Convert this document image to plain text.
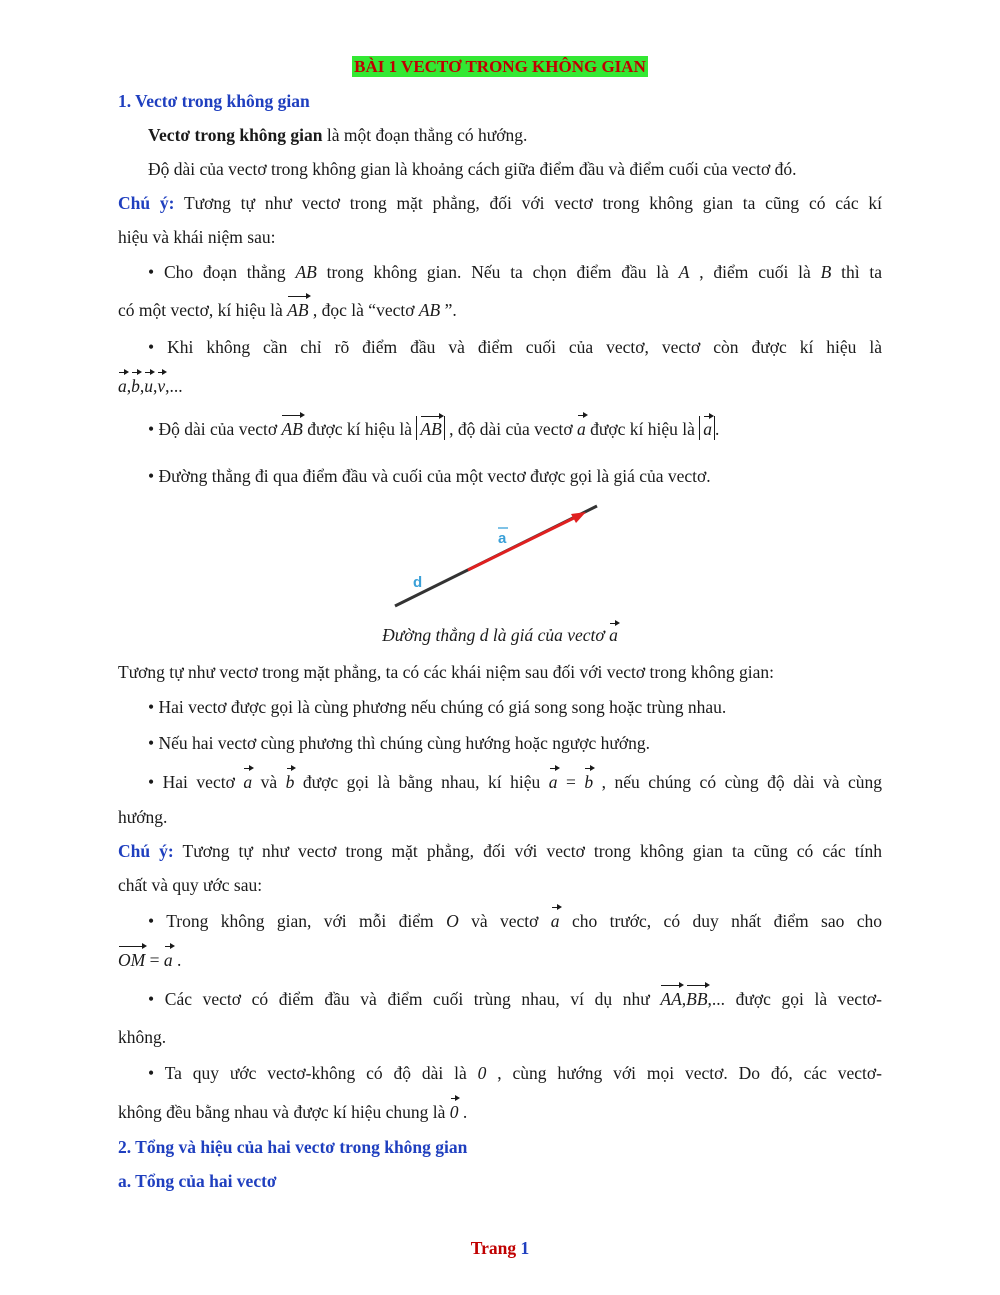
BÀI 1 VECTƠ TRONG KHÔNG GIAN
1. Vectơ trong không gian
Vectơ trong không gian là một đoạn thẳng có hướng.
Độ dài của vectơ trong không gian là khoảng cách giữa điểm đầu và điểm cuối của vectơ đó.
Chú ý: Tương tự như vectơ trong mặt phẳng, đối với vectơ trong không gian ta cũng có các kí
hiệu và khái niệm sau:
• Cho đoạn thẳng AB trong không gian. Nếu ta chọn điểm đầu là A , điểm cuối là B thì ta
có một vectơ, kí hiệu là AB , đọc là “vectơ AB ”.
• Khi không cần chỉ rõ điểm đầu và điểm cuối của vectơ, vectơ còn được kí hiệu là
a,b,u,v,...
• Độ dài của vectơ AB được kí hiệu là AB , độ dài của vectơ a được kí hiệu là a .
• Đường thẳng đi qua điểm đầu và cuối của một vectơ được gọi là giá của vectơ.
d
a
Đường thẳng d là giá của vectơ a
Tương tự như vectơ trong mặt phẳng, ta có các khái niệm sau đối với vectơ trong không gian:
• Hai vectơ được gọi là cùng phương nếu chúng có giá song song hoặc trùng nhau.
• Nếu hai vectơ cùng phương thì chúng cùng hướng hoặc ngược hướng.
• Hai vectơ a và b được gọi là bằng nhau, kí hiệu a = b , nếu chúng có cùng độ dài và cùng
hướng.
Chú ý: Tương tự như vectơ trong mặt phẳng, đối với vectơ trong không gian ta cũng có các tính
chất và quy ước sau:
• Trong không gian, với mỗi điểm O và vectơ a cho trước, có duy nhất điểm sao cho
OM = a .
• Các vectơ có điểm đầu và điểm cuối trùng nhau, ví dụ như AA,BB,... được gọi là vectơ-
không.
• Ta quy ước vectơ-không có độ dài là 0 , cùng hướng với mọi vectơ. Do đó, các vectơ-
không đều bằng nhau và được kí hiệu chung là 0 .
2. Tổng và hiệu của hai vectơ trong không gian
a. Tổng của hai vectơ
Trang 1
